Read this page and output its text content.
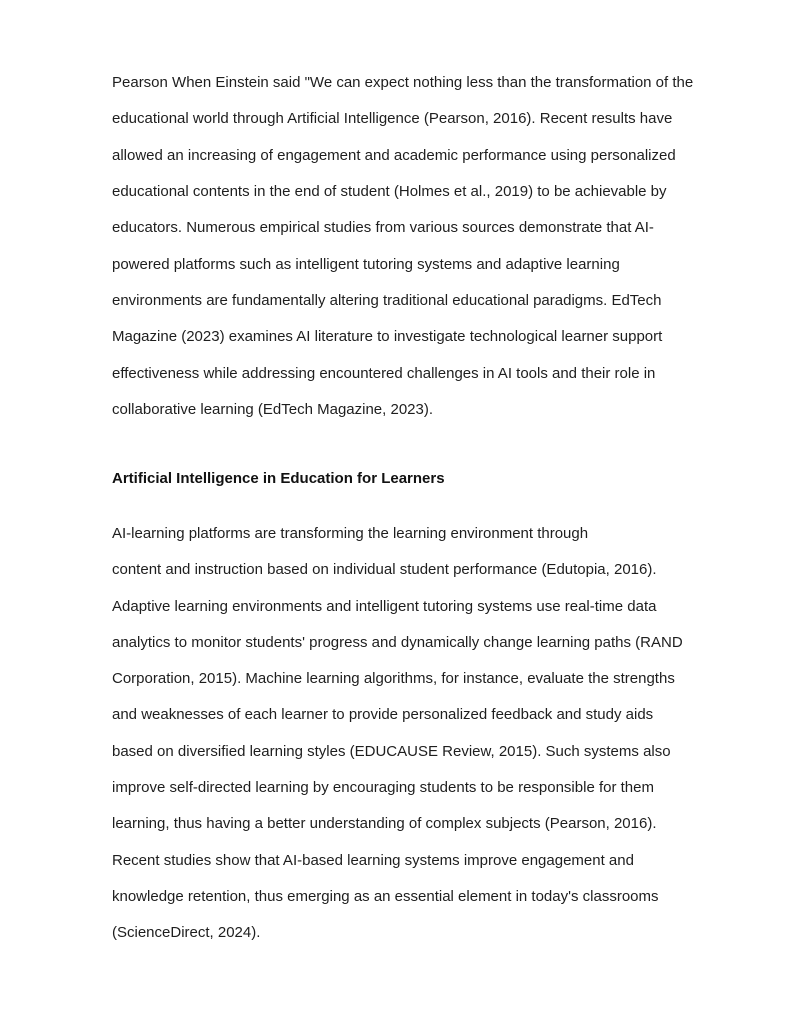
Pearson When Einstein said "We can expect nothing less than the transformation of the
educational world through Artificial Intelligence (Pearson, 2016). Recent results have
allowed an increasing of engagement and academic performance using personalized
educational contents in the end of student (Holmes et al., 2019) to be achievable by
educators. Numerous empirical studies from various sources demonstrate that AI-
powered platforms such as intelligent tutoring systems and adaptive learning
environments are fundamentally altering traditional educational paradigms. EdTech
Magazine (2023) examines AI literature to investigate technological learner support
effectiveness while addressing encountered challenges in AI tools and their role in
collaborative learning (EdTech Magazine, 2023).
Artificial Intelligence in Education for Learners
AI-learning platforms are transforming the learning environment through
content and instruction based on individual student performance (Edutopia, 2016).
Adaptive learning environments and intelligent tutoring systems use real-time data
analytics to monitor students' progress and dynamically change learning paths (RAND
Corporation, 2015). Machine learning algorithms, for instance, evaluate the strengths
and weaknesses of each learner to provide personalized feedback and study aids
based on diversified learning styles (EDUCAUSE Review, 2015). Such systems also
improve self-directed learning by encouraging students to be responsible for them
learning, thus having a better understanding of complex subjects (Pearson, 2016).
Recent studies show that AI-based learning systems improve engagement and
knowledge retention, thus emerging as an essential element in today's classrooms
(ScienceDirect, 2024).
